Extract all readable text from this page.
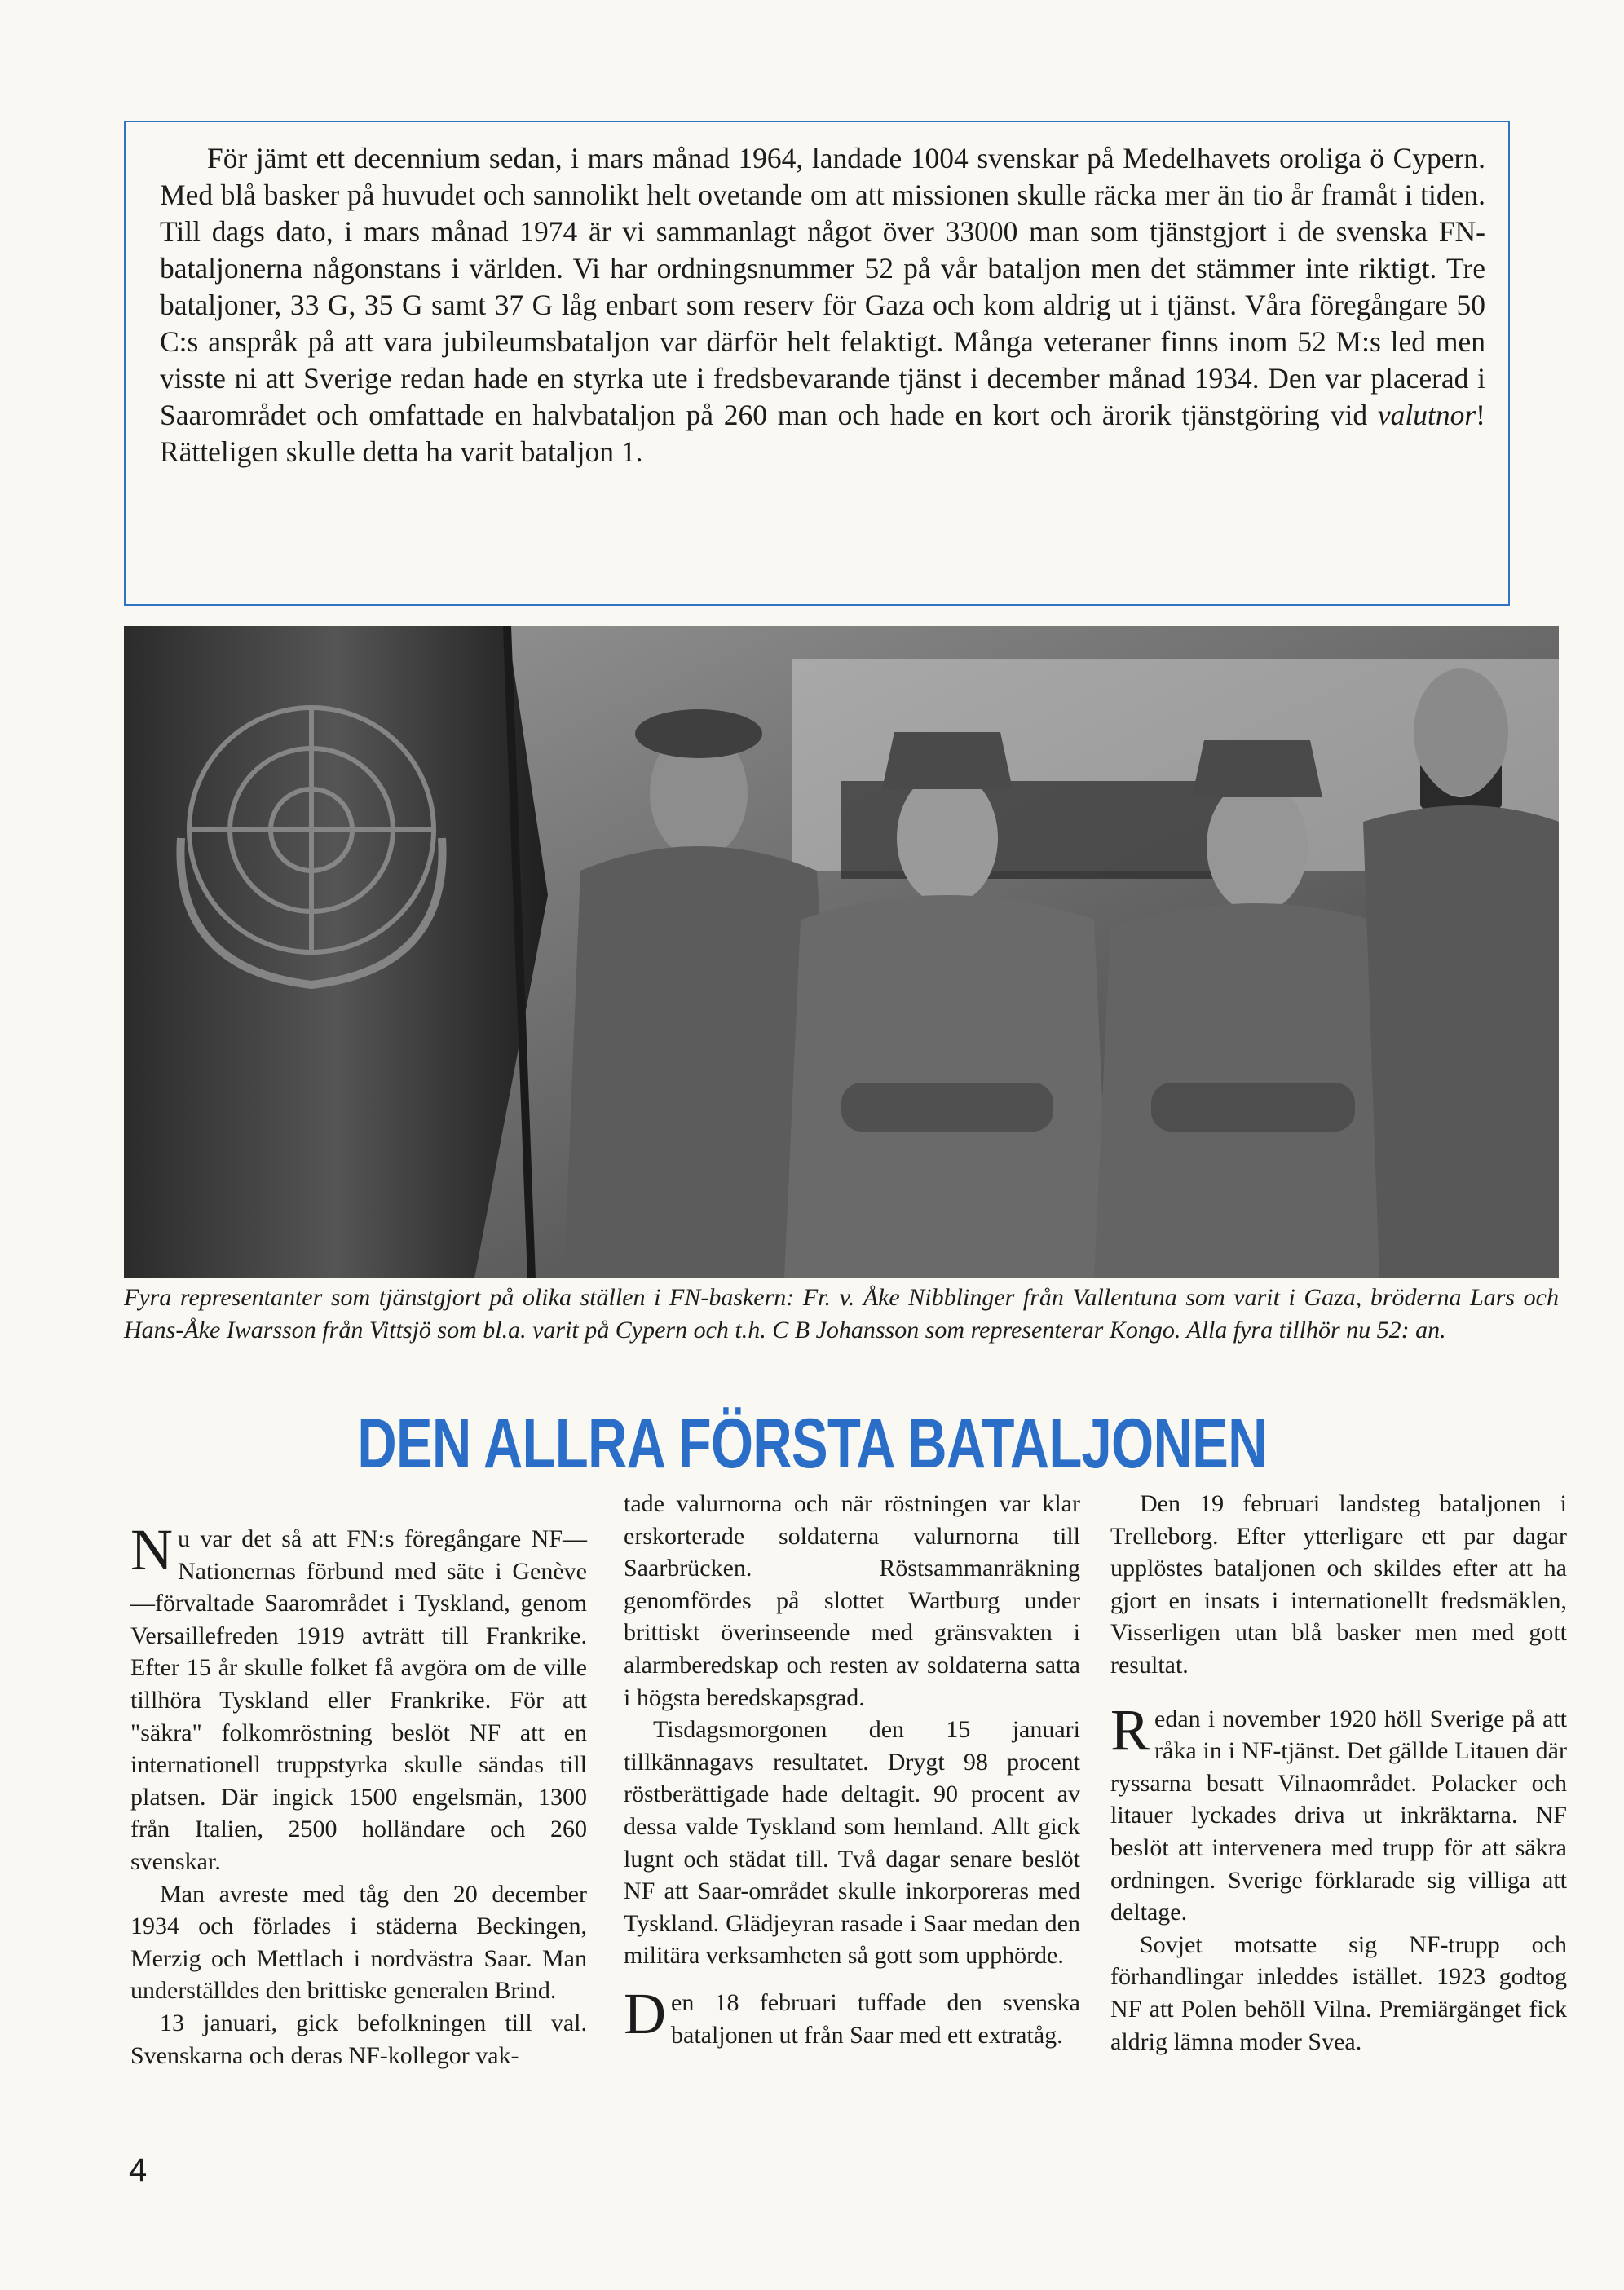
För jämt ett decennium sedan, i mars månad 1964, landade 1004 svenskar på Medelhavets oroliga ö Cypern. Med blå basker på huvudet och sannolikt helt ovetande om att missionen skulle räcka mer än tio år framåt i tiden. Till dags dato, i mars månad 1974 är vi sammanlagt något över 33000 man som tjänstgjort i de svenska FN-bataljonerna någonstans i världen. Vi har ordningsnummer 52 på vår bataljon men det stämmer inte riktigt. Tre bataljoner, 33 G, 35 G samt 37 G låg enbart som reserv för Gaza och kom aldrig ut i tjänst. Våra föregångare 50 C:s anspråk på att vara jubileumsbataljon var därför helt felaktigt. Många veteraner finns inom 52 M:s led men visste ni att Sverige redan hade en styrka ute i fredsbevarande tjänst i december månad 1934. Den var placerad i Saarområdet och omfattade en halvbataljon på 260 man och hade en kort och ärorik tjänstgöring vid valutnor! Rätteligen skulle detta ha varit bataljon 1.

Fyra representanter som tjänstgjort på olika ställen i FN-baskern: Fr. v. Åke Nibblinger från Vallentuna som varit i Gaza, bröderna Lars och Hans-Åke Iwarsson från Vittsjö som bl.a. varit på Cypern och t.h. C B Johansson som representerar Kongo. Alla fyra tillhör nu 52: an.

DEN ALLRA FÖRSTA BATALJONEN

Nu var det så att FN:s föregångare NF—Nationernas förbund med säte i Genève—förvaltade Saarområdet i Tyskland, genom Versaillefreden 1919 avträtt till Frankrike. Efter 15 år skulle folket få avgöra om de ville tillhöra Tyskland eller Frankrike. För att "säkra" folkomröstning beslöt NF att en internationell truppstyrka skulle sändas till platsen. Där ingick 1500 engelsmän, 1300 från Italien, 2500 holländare och 260 svenskar.

Man avreste med tåg den 20 december 1934 och förlades i städerna Beckingen, Merzig och Mettlach i nordvästra Saar. Man underställdes den brittiske generalen Brind.

13 januari, gick befolkningen till val. Svenskarna och deras NF-kollegor vak-

tade valurnorna och när röstningen var klar erskorterade soldaterna valurnorna till Saarbrücken. Röstsammanräkning genomfördes på slottet Wartburg under brittiskt överinseende med gränsvakten i alarmberedskap och resten av soldaterna satta i högsta beredskapsgrad.

Tisdagsmorgonen den 15 januari tillkännagavs resultatet. Drygt 98 procent röstberättigade hade deltagit. 90 procent av dessa valde Tyskland som hemland. Allt gick lugnt och städat till. Två dagar senare beslöt NF att Saar-området skulle inkorporeras med Tyskland. Glädjeyran rasade i Saar medan den militära verksamheten så gott som upphörde.

Den 18 februari tuffade den svenska bataljonen ut från Saar med ett extratåg.

Den 19 februari landsteg bataljonen i Trelleborg. Efter ytterligare ett par dagar upplöstes bataljonen och skildes efter att ha gjort en insats i internationellt fredsmäklen, Visserligen utan blå basker men med gott resultat.

Redan i november 1920 höll Sverige på att råka in i NF-tjänst. Det gällde Litauen där ryssarna besatt Vilnaområdet. Polacker och litauer lyckades driva ut inkräktarna. NF beslöt att intervenera med trupp för att säkra ordningen. Sverige förklarade sig villiga att deltage.

Sovjet motsatte sig NF-trupp och förhandlingar inleddes istället. 1923 godtog NF att Polen behöll Vilna. Premiärgänget fick aldrig lämna moder Svea.

4
